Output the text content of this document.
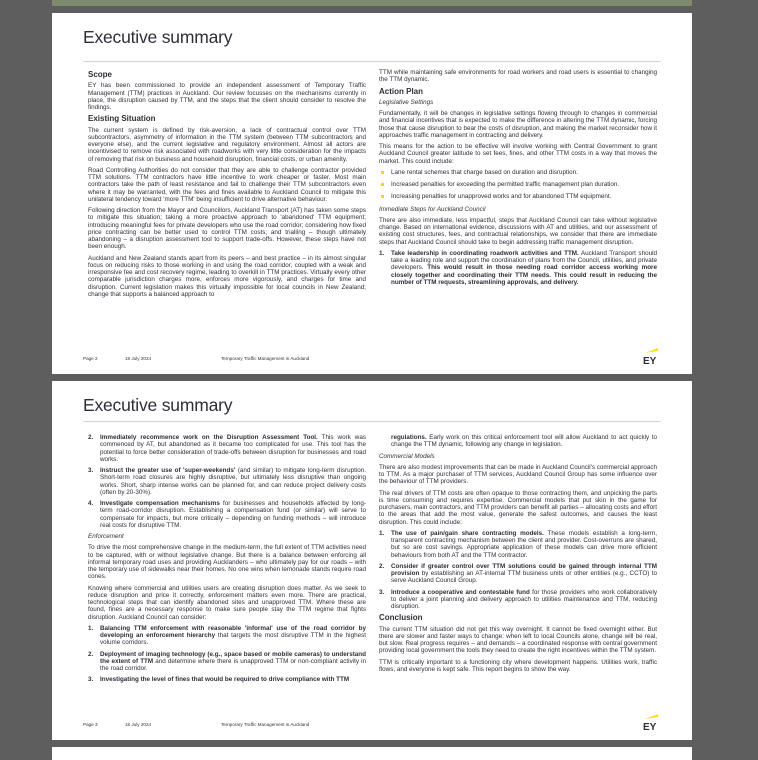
Executive summary
Scope

EY has been commissioned to provide an independent assessment of Temporary Traffic Management (TTM) practices in Auckland. Our review focusses on the mechanisms currently in place, the disruption caused by TTM, and the steps that the client should consider to resolve the findings.

Existing Situation

The current system is defined by risk-aversion, a lack of contractual control over TTM subcontractors, asymmetry of information in the TTM system (between TTM subcontractors and everyone else), and the current legislative and regulatory environment. Almost all actors are incentivised to remove risk associated with roadworks with very little consideration for the impacts of removing that risk on business and household disruption, financial costs, or urban amenity.

Road Controlling Authorities do not consider that they are able to challenge contractor provided TTM solutions. TTM contractors have little incentive to work cheaper or faster. Most main contractors take the path of least resistance and fail to challenge their TTM subcontractors even where it may be warranted, with the fees and fines available to Auckland Council to mitigate this unilateral tendency toward 'more TTM' being insufficient to drive alternative behaviour.

Following direction from the Mayor and Councillors, Auckland Transport (AT) has taken some steps to mitigate this situation; taking a more proactive approach to 'abandoned' TTM equipment; introducing meaningful fees for private developers who use the road corridor; considering how fixed price contracting can be better used to control TTM costs; and trialling – though ultimately abandoning – a disruption assessment tool to support trade-offs. However, these steps have not been enough.

Auckland and New Zealand stands apart from its peers – and best practice – in its almost singular focus on reducing risks to those working in and using the road corridor, coupled with a weak and irresponsive fee and cost recovery regime, leading to overkill in TTM practices. Virtually every other comparable jurisdiction charges more, enforces more vigorously, and charges for time and disruption. Current legislation makes this virtually impossible for local councils in New Zealand; change that supports a balanced approach to

TTM while maintaining safe environments for road workers and road users is essential to changing the TTM dynamic.

Action Plan
Legislative Settings

Fundamentally, it will be changes in legislative settings flowing through to changes in commercial and financial incentives that is expected to make the difference in altering the TTM dynamic, forcing those that cause disruption to bear the costs of disruption, and making the market reconsider how it approaches traffic management in contracting and delivery.

This means for the action to be effective will involve working with Central Government to grant Auckland Council greater latitude to set fees, fines, and other TTM costs in a way that moves the market. This could include:

Lane rental schemes that charge based on duration and disruption.
Increased penalties for exceeding the permitted traffic management plan duration.
Increasing penalties for unapproved works and for abandoned TTM equipment.
Immediate Steps for Auckland Council

There are also immediate, less impactful, steps that Auckland Council can take without legislative change. Based on international evidence, discussions with AT and utilities, and our assessment of existing cost structures, fees, and contractual relationships, we consider that there are immediate steps that Auckland Council should take to begin addressing traffic management disruption.

1. Take leadership in coordinating roadwork activities and TTM. Auckland Transport should take a leading role and support the coordination of plans from the Council, utilities, and private developers. This would result in those needing road corridor access working more closely together and coordinating their TTM needs. This could result in reducing the number of TTM requests, streamlining approvals, and delivery.
Page 2	18 July 2024	Temporary Traffic Management in Auckland	EY
Executive summary
2. Immediately recommence work on the Disruption Assessment Tool. This work was commenced by AT, but abandoned as it became too complicated for use. This tool has the potential to force better consideration of trade-offs between disruption for businesses and road works.
3. Instruct the greater use of 'super-weekends' (and similar) to mitigate long-term disruption. Short-term road closures are highly disruptive, but ultimately less disruptive than ongoing works. Short, sharp intense works can be planned for, and can reduce project delivery costs (often by 20-30%).
4. Investigate compensation mechanisms for businesses and households affected by long-term road-corridor disruption. Establishing a compensation fund (or similar) will serve to compensate for impacts, but more critically – depending on funding methods – will introduce real costs for disruptive TTM.
Enforcement

To drive the most comprehensive change in the medium-term, the full extent of TTM activities need to be captured, with or without legislative change. But there is a balance between enforcing all informal temporary road uses and providing Aucklanders – who ultimately pay for our roads – with the temporary use of sidewalks near their homes. No one wins when lemonade stands require road cones.

Knowing where commercial and utilities users are creating disruption does matter. As we seek to reduce disruption and price it correctly, enforcement matters even more. There are practical, technological steps that can identify abandoned sites and unapproved TTM. Where these are found, fines are a necessary response to make sure people stay the TTM regime that fights disruption. Auckland Council can consider:

1. Balancing TTM enforcement with reasonable 'informal' use of the road corridor by developing an enforcement hierarchy that targets the most disruptive TTM in the highest volume corridors.
2. Deployment of imaging technology (e.g., space based or mobile cameras) to understand the extent of TTM and determine where there is unapproved TTM or non-compliant activity in the road corridor.
3. Investigating the level of fines that would be required to drive compliance with TTM
regulations. Early work on this critical enforcement tool will allow Auckland to act quickly to change the TTM dynamic, following any change in legislation.
Commercial Models

There are also modest improvements that can be made in Auckland Council's commercial approach to TTM. As a major purchaser of TTM services, Auckland Council Group has some influence over the behaviour of TTM providers.

The real drivers of TTM costs are often opaque to those contracting them, and unpicking the parts is time consuming and requires expertise. Commercial models that put skin in the game for purchasers, main contractors, and TTM providers can benefit all parties – allocating costs and effort to the areas that add the most value, generate the safest outcomes, and causes the least disruption. This could include:

1. The use of pain/gain share contracting models. These models establish a long-term, transparent contracting mechanism between the client and provider. Cost-overruns are shared, but so are cost savings. Appropriate application of these models can drive more efficient behaviours from both AT and the TTM contractor.
2. Consider if greater control over TTM solutions could be gained through internal TTM provision by establishing an AT-internal TTM business units or other entities (e.g., CCTO) to serve Auckland Council Group.
3. Introduce a cooperative and contestable fund for those providers who work collaboratively to deliver a joint planning and delivery approach to utilities maintenance and TTM, reducing disruption.
Conclusion

The current TTM situation did not get this way overnight. It cannot be fixed overnight either. But there are slower and faster ways to change: when left to local Councils alone, change will be real, but slow. Real progress requires – and demands – a coordinated response with central government providing local government the tools they need to create the right incentives within the TTM system.

TTM is critically important to a functioning city where development happens. Utilities work, traffic flows, and everyone is kept safe. This report begins to show the way.

Page 3	18 July 2024	Temporary Traffic Management in Auckland	EY
